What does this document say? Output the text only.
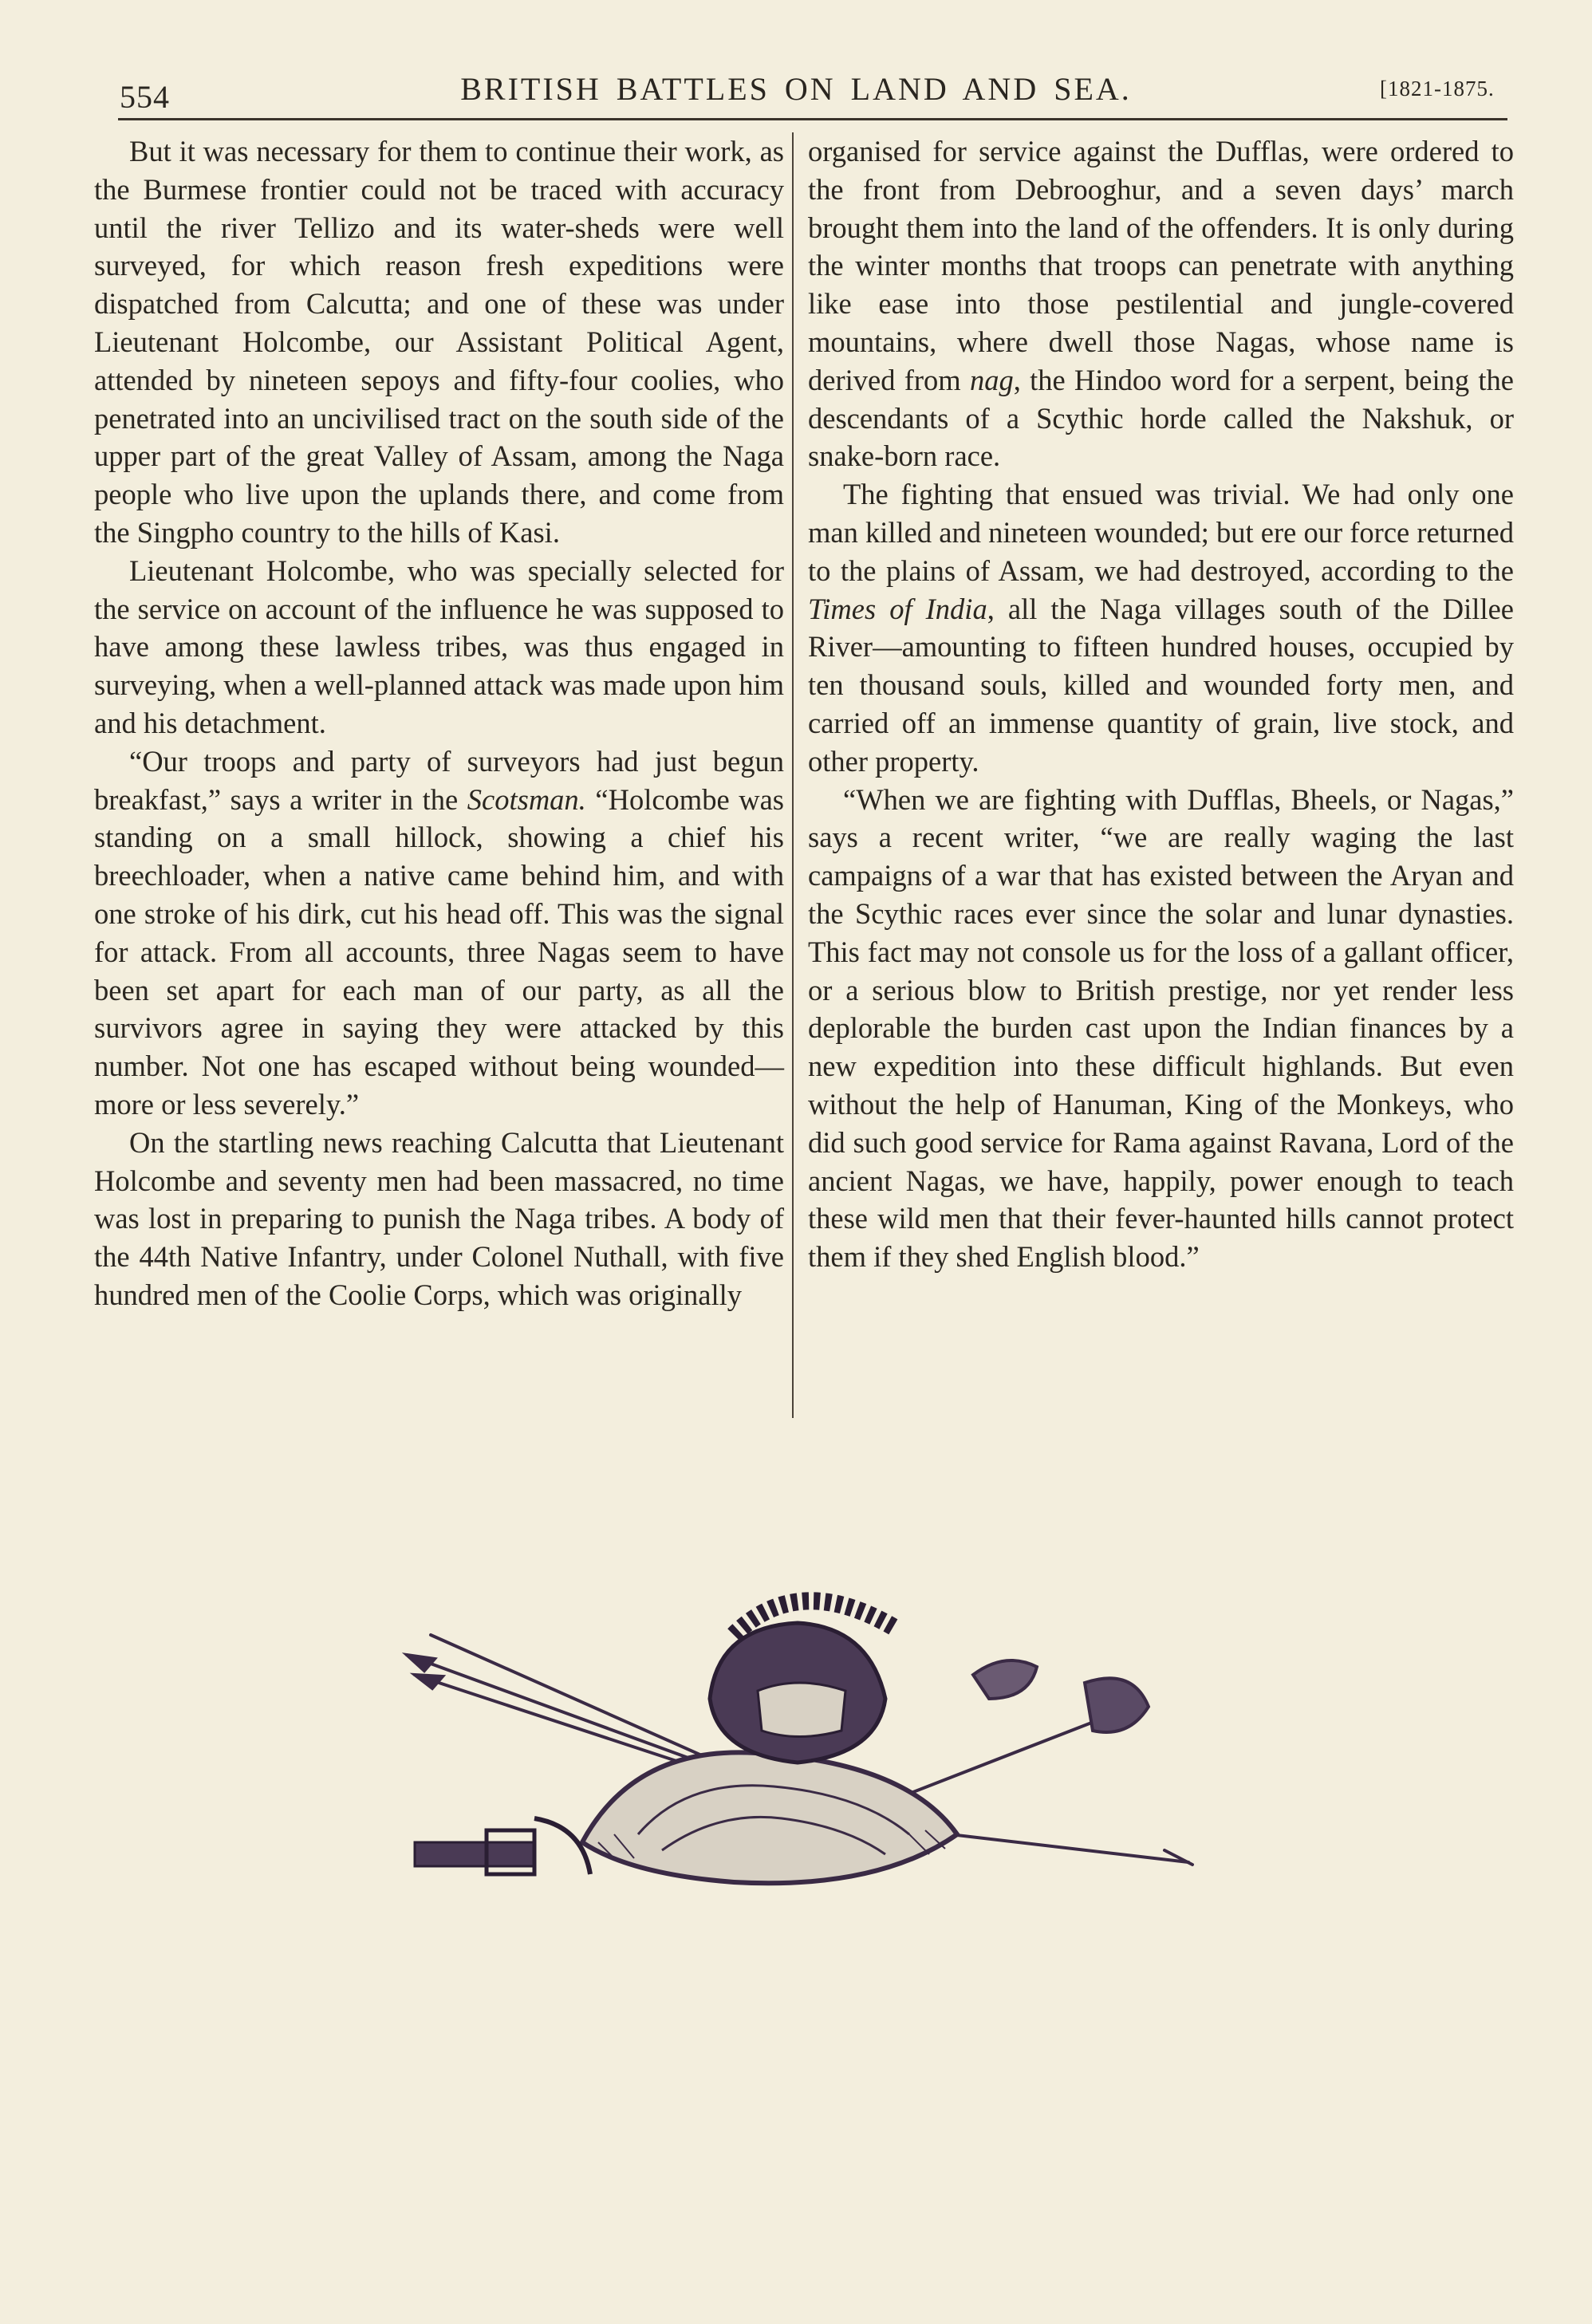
554	BRITISH BATTLES ON LAND AND SEA.	[1821-1875.

But it was necessary for them to continue their work, as the Burmese frontier could not be traced with accuracy until the river Tellizo and its water-sheds were well surveyed, for which reason fresh expeditions were dispatched from Calcutta; and one of these was under Lieutenant Holcombe, our Assistant Political Agent, attended by nineteen sepoys and fifty-four coolies, who penetrated into an uncivilised tract on the south side of the upper part of the great Valley of Assam, among the Naga people who live upon the uplands there, and come from the Singpho country to the hills of Kasi.

Lieutenant Holcombe, who was specially selected for the service on account of the influence he was supposed to have among these lawless tribes, was thus engaged in surveying, when a well-planned attack was made upon him and his detachment.

“Our troops and party of surveyors had just begun breakfast,” says a writer in the Scotsman. “Holcombe was standing on a small hillock, showing a chief his breechloader, when a native came behind him, and with one stroke of his dirk, cut his head off. This was the signal for attack. From all accounts, three Nagas seem to have been set apart for each man of our party, as all the survivors agree in saying they were attacked by this number. Not one has escaped without being wounded—more or less severely.”

On the startling news reaching Calcutta that Lieutenant Holcombe and seventy men had been massacred, no time was lost in preparing to punish the Naga tribes. A body of the 44th Native Infantry, under Colonel Nuthall, with five hundred men of the Coolie Corps, which was originally

organised for service against the Dufflas, were ordered to the front from Debrooghur, and a seven days’ march brought them into the land of the offenders. It is only during the winter months that troops can penetrate with anything like ease into those pestilential and jungle-covered mountains, where dwell those Nagas, whose name is derived from nag, the Hindoo word for a serpent, being the descendants of a Scythic horde called the Nakshuk, or snake-born race.

The fighting that ensued was trivial. We had only one man killed and nineteen wounded; but ere our force returned to the plains of Assam, we had destroyed, according to the Times of India, all the Naga villages south of the Dillee River—amounting to fifteen hundred houses, occupied by ten thousand souls, killed and wounded forty men, and carried off an immense quantity of grain, live stock, and other property.

“When we are fighting with Dufflas, Bheels, or Nagas,” says a recent writer, “we are really waging the last campaigns of a war that has existed between the Aryan and the Scythic races ever since the solar and lunar dynasties. This fact may not console us for the loss of a gallant officer, or a serious blow to British prestige, nor yet render less deplorable the burden cast upon the Indian finances by a new expedition into these difficult highlands. But even without the help of Hanuman, King of the Monkeys, who did such good service for Rama against Ravana, Lord of the ancient Nagas, we have, happily, power enough to teach these wild men that their fever-haunted hills cannot protect them if they shed English blood.”
